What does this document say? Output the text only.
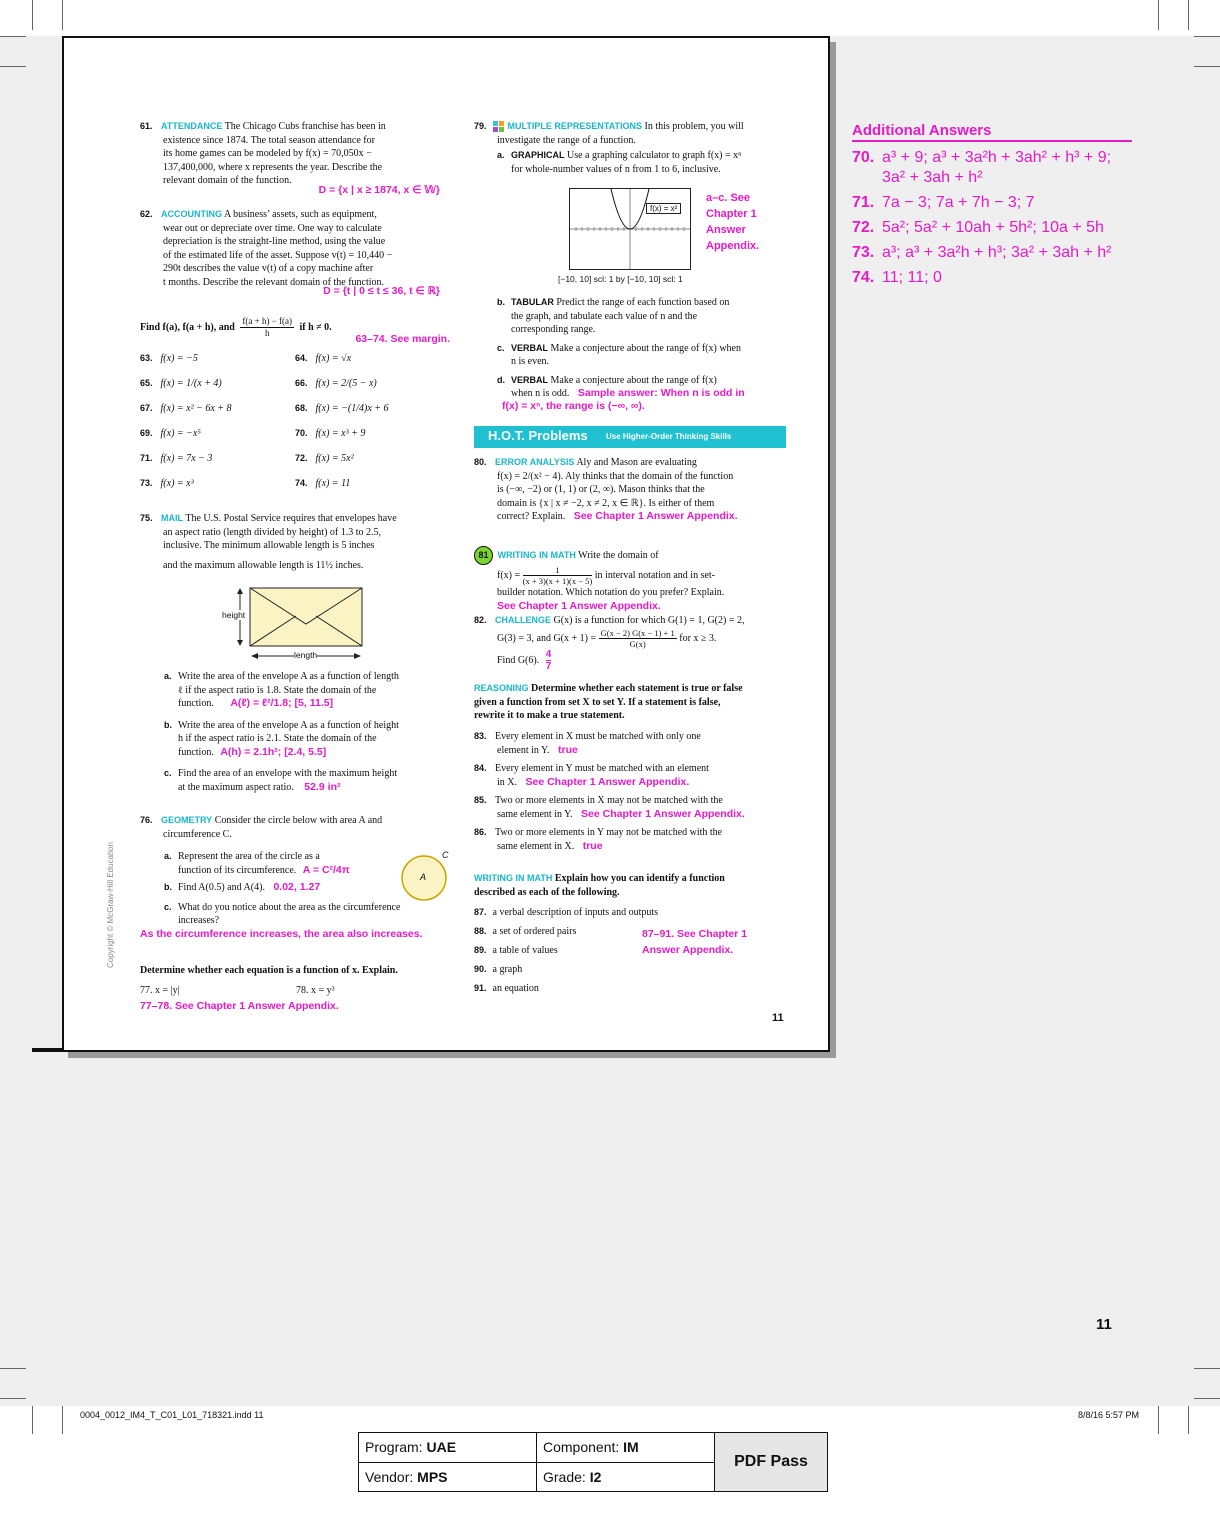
Copyright © McGraw-Hill Education
61. ATTENDANCE The Chicago Cubs franchise has been in

existence since 1874. The total season attendance for
its home games can be modeled by f(x) = 70,050x −
137,400,000, where x represents the year. Describe the
relevant domain of the function.
D = {x | x ≥ 1874, x ∈ 𝕎}
62. ACCOUNTING A business’ assets, such as equipment,

wear out or depreciate over time. One way to calculate
depreciation is the straight-line method, using the value
of the estimated life of the asset. Suppose v(t) = 10,440 −
290t describes the value v(t) of a copy machine after
t months. Describe the relevant domain of the function.
D = {t | 0 ≤ t ≤ 36, t ∈ ℝ}
Find f(a), f(a + h), and $\frac{f(a + h) - f(a)}{h}$ if h ≠ 0.
63–74. See margin.
63. f(x) = −5	64. f(x) = √x
65. f(x) = 1/(x + 4)	66. f(x) = 2/(5 − x)
67. f(x) = x² − 6x + 8	68. f(x) = −(1/4)x + 6
69. f(x) = −x⁵	70. f(x) = x³ + 9
71. f(x) = 7x − 3	72. f(x) = 5x²
73. f(x) = x³	74. f(x) = 11
75. MAIL The U.S. Postal Service requires that envelopes have

an aspect ratio (length divided by height) of 1.3 to 2.5,
inclusive. The minimum allowable length is 5 inches
and the maximum allowable length is 11½ inches.
height
length
a. Write the area of the envelope A as a function of length
ℓ if the aspect ratio is 1.8. State the domain of the
function. A(ℓ) = ℓ²/1.8; [5, 11.5]
b. Write the area of the envelope A as a function of height
h if the aspect ratio is 2.1. State the domain of the
function. A(h) = 2.1h²; [2.4, 5.5]
c. Find the area of an envelope with the maximum height
at the maximum aspect ratio. 52.9 in²
76. GEOMETRY Consider the circle below with area A and

circumference C.
a. Represent the area of the circle as a
function of its circumference. A = C²/4π
b. Find A(0.5) and A(4). 0.02, 1.27
c. What do you notice about the area as the circumference
increases?
As the circumference increases, the area also increases.
A
C
Determine whether each equation is a function of x. Explain.
77. x = |y|	78. x = y³
77–78. See Chapter 1 Answer Appendix.
79. MULTIPLE REPRESENTATIONS In this problem, you will

investigate the range of a function.
a. GRAPHICAL Use a graphing calculator to graph f(x) = xⁿ
for whole-number values of n from 1 to 6, inclusive.
f(x) = x²
a–c. See
Chapter 1
Answer
Appendix.
[−10, 10] scl: 1 by [−10, 10] scl: 1
b. TABULAR Predict the range of each function based on
the graph, and tabulate each value of n and the
corresponding range.
c. VERBAL Make a conjecture about the range of f(x) when
n is even.
d. VERBAL Make a conjecture about the range of f(x)
when n is odd. Sample answer: When n is odd in
f(x) = xⁿ, the range is (−∞, ∞).
H.O.T. Problems Use Higher-Order Thinking Skills
80. ERROR ANALYSIS Aly and Mason are evaluating

f(x) = 2/(x² − 4). Aly thinks that the domain of the function
is (−∞, −2) or (1, 1) or (2, ∞). Mason thinks that the
domain is {x | x ≠ −2, x ≠ 2, x ∈ ℝ}. Is either of them
correct? Explain. See Chapter 1 Answer Appendix.
81 WRITING IN MATH Write the domain of

$f(x) = \frac{1}{(x + 3)(x + 1)(x - 5)}$ in interval notation and in set-
builder notation. Which notation do you prefer? Explain.
See Chapter 1 Answer Appendix.
82. CHALLENGE G(x) is a function for which G(1) = 1, G(2) = 2,

G(3) = 3, and $G(x + 1) = \frac{G(x - 2) G(x - 1) + 1}{G(x)}$ for x ≥ 3.
Find G(6). $\frac{4}{7}$
REASONING Determine whether each statement is true or false
given a function from set X to set Y. If a statement is false,
rewrite it to make a true statement.
83. Every element in X must be matched with only one
element in Y. true
84. Every element in Y must be matched with an element
in X. See Chapter 1 Answer Appendix.
85. Two or more elements in X may not be matched with the
same element in Y. See Chapter 1 Answer Appendix.
86. Two or more elements in Y may not be matched with the
same element in X. true
WRITING IN MATH Explain how you can identify a function
described as each of the following.
87. a verbal description of inputs and outputs
88. a set of ordered pairs
89. a table of values
90. a graph
91. an equation
87–91. See Chapter 1
Answer Appendix.
11
Additional Answers
70. a³ + 9; a³ + 3a²h + 3ah² + h³ + 9;
3a² + 3ah + h²
71. 7a − 3; 7a + 7h − 3; 7
72. 5a²; 5a² + 10ah + 5h²; 10a + 5h
73. a³; a³ + 3a²h + h³; 3a² + 3ah + h²
74. 11; 11; 0
11
0004_0012_IM4_T_C01_L01_718321.indd 11	8/8/16 5:57 PM
Program: UAE	Component: IM	PDF Pass
Vendor: MPS	Grade: I2	
